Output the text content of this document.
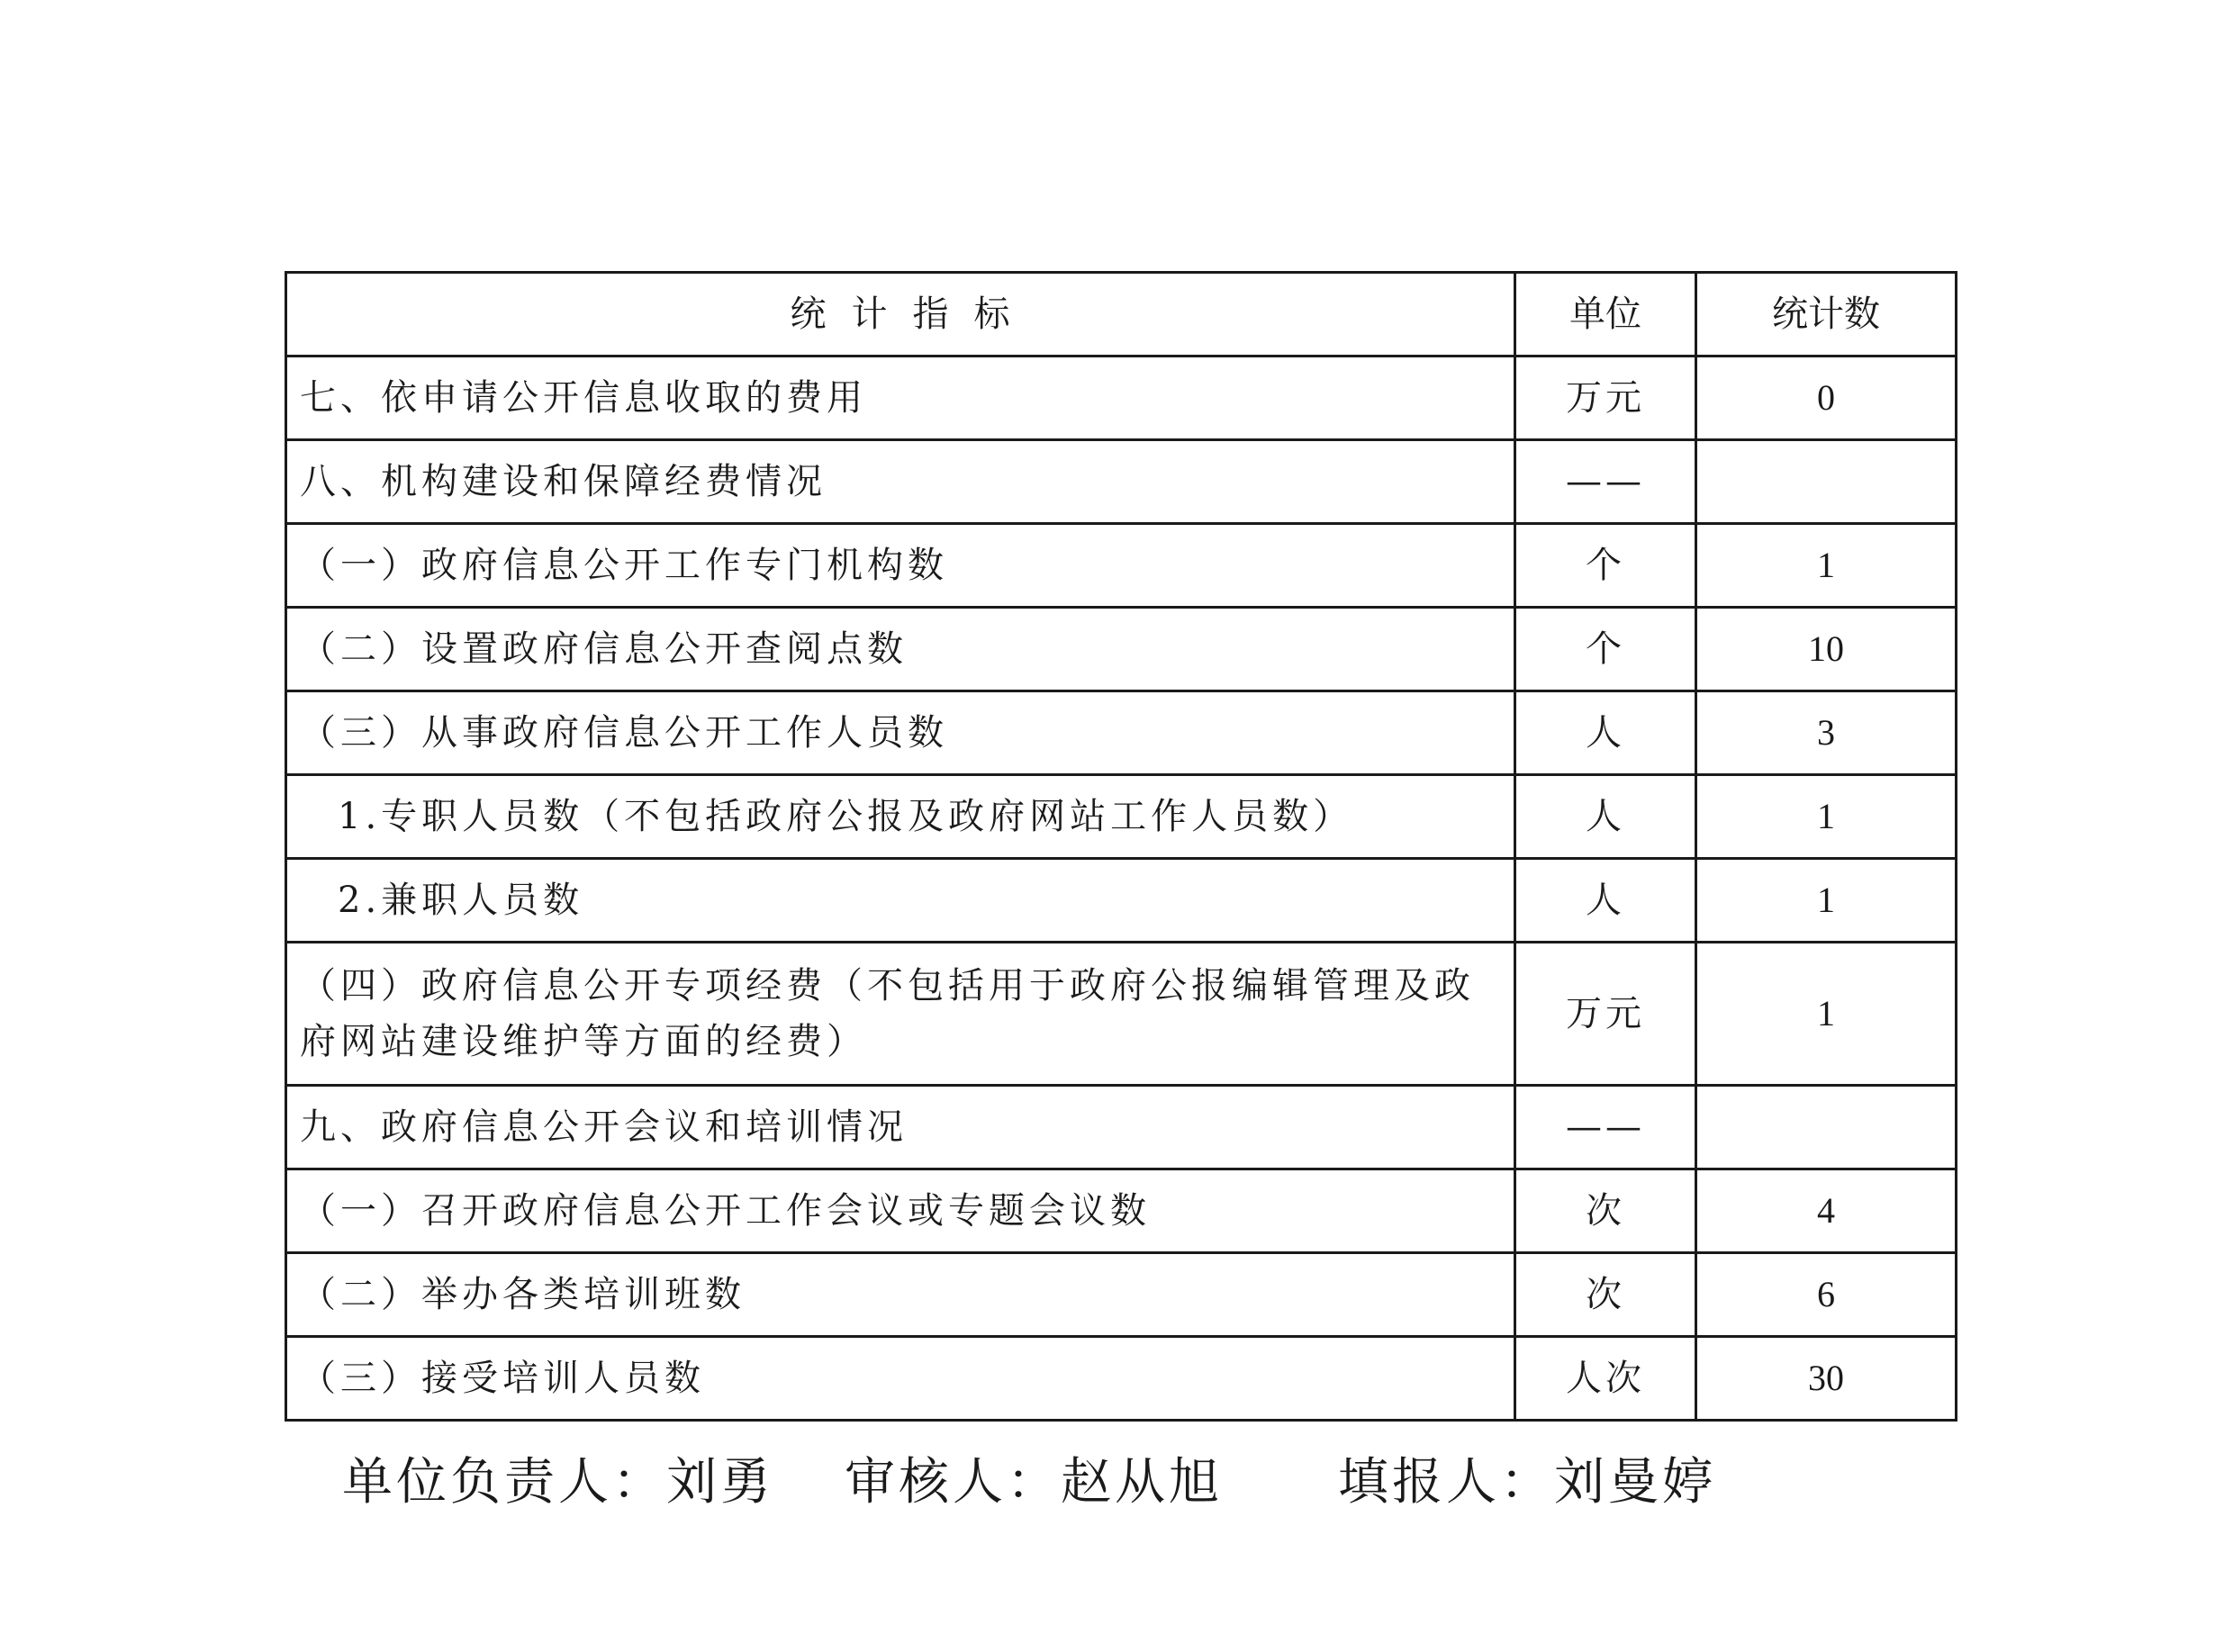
统计指标	单位	统计数
七、依申请公开信息收取的费用	万元	0
八、机构建设和保障经费情况	——	
（一）政府信息公开工作专门机构数	个	1
（二）设置政府信息公开查阅点数	个	10
（三）从事政府信息公开工作人员数	人	3
1.专职人员数（不包括政府公报及政府网站工作人员数）	人	1
2.兼职人员数	人	1
（四）政府信息公开专项经费（不包括用于政府公报编辑管理及政府网站建设维护等方面的经费）	万元	1
九、政府信息公开会议和培训情况	——	
（一）召开政府信息公开工作会议或专题会议数	次	4
（二）举办各类培训班数	次	6
（三）接受培训人员数	人次	30
单位负责人：刘勇 审核人：赵从旭 填报人：刘曼婷
